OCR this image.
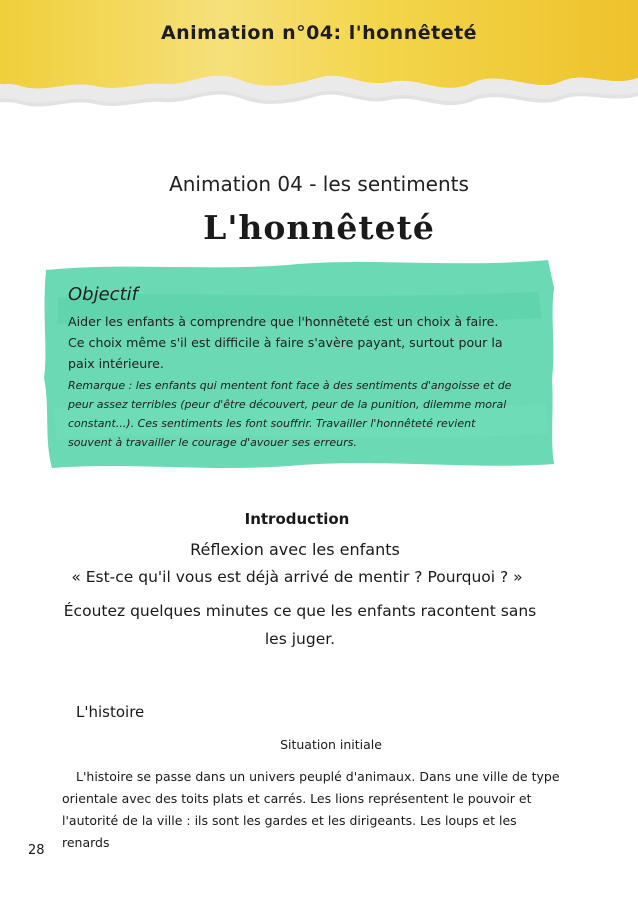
Animation n°04: l'honnêteté
Animation 04 - les sentiments
L'honnêteté
Objectif
Aider les enfants à comprendre que l'honnêteté est un choix à faire. Ce choix même s'il est difficile à faire s'avère payant, surtout pour la paix intérieure.
Remarque : les enfants qui mentent font face à des sentiments d'angoisse et de peur assez terribles (peur d'être découvert, peur de la punition, dilemme moral constant...). Ces sentiments les font souffrir. Travailler l'honnêteté revient souvent à travailler le courage d'avouer ses erreurs.
Introduction
Réflexion avec les enfants
« Est-ce qu'il vous est déjà arrivé de mentir ? Pourquoi ? »
Écoutez quelques minutes ce que les enfants racontent sans les juger.
L'histoire
Situation initiale
L'histoire se passe dans un univers peuplé d'animaux. Dans une ville de type orientale avec des toits plats et carrés. Les lions représentent le pouvoir et l'autorité de la ville : ils sont les gardes et les dirigeants. Les loups et les renards
28
